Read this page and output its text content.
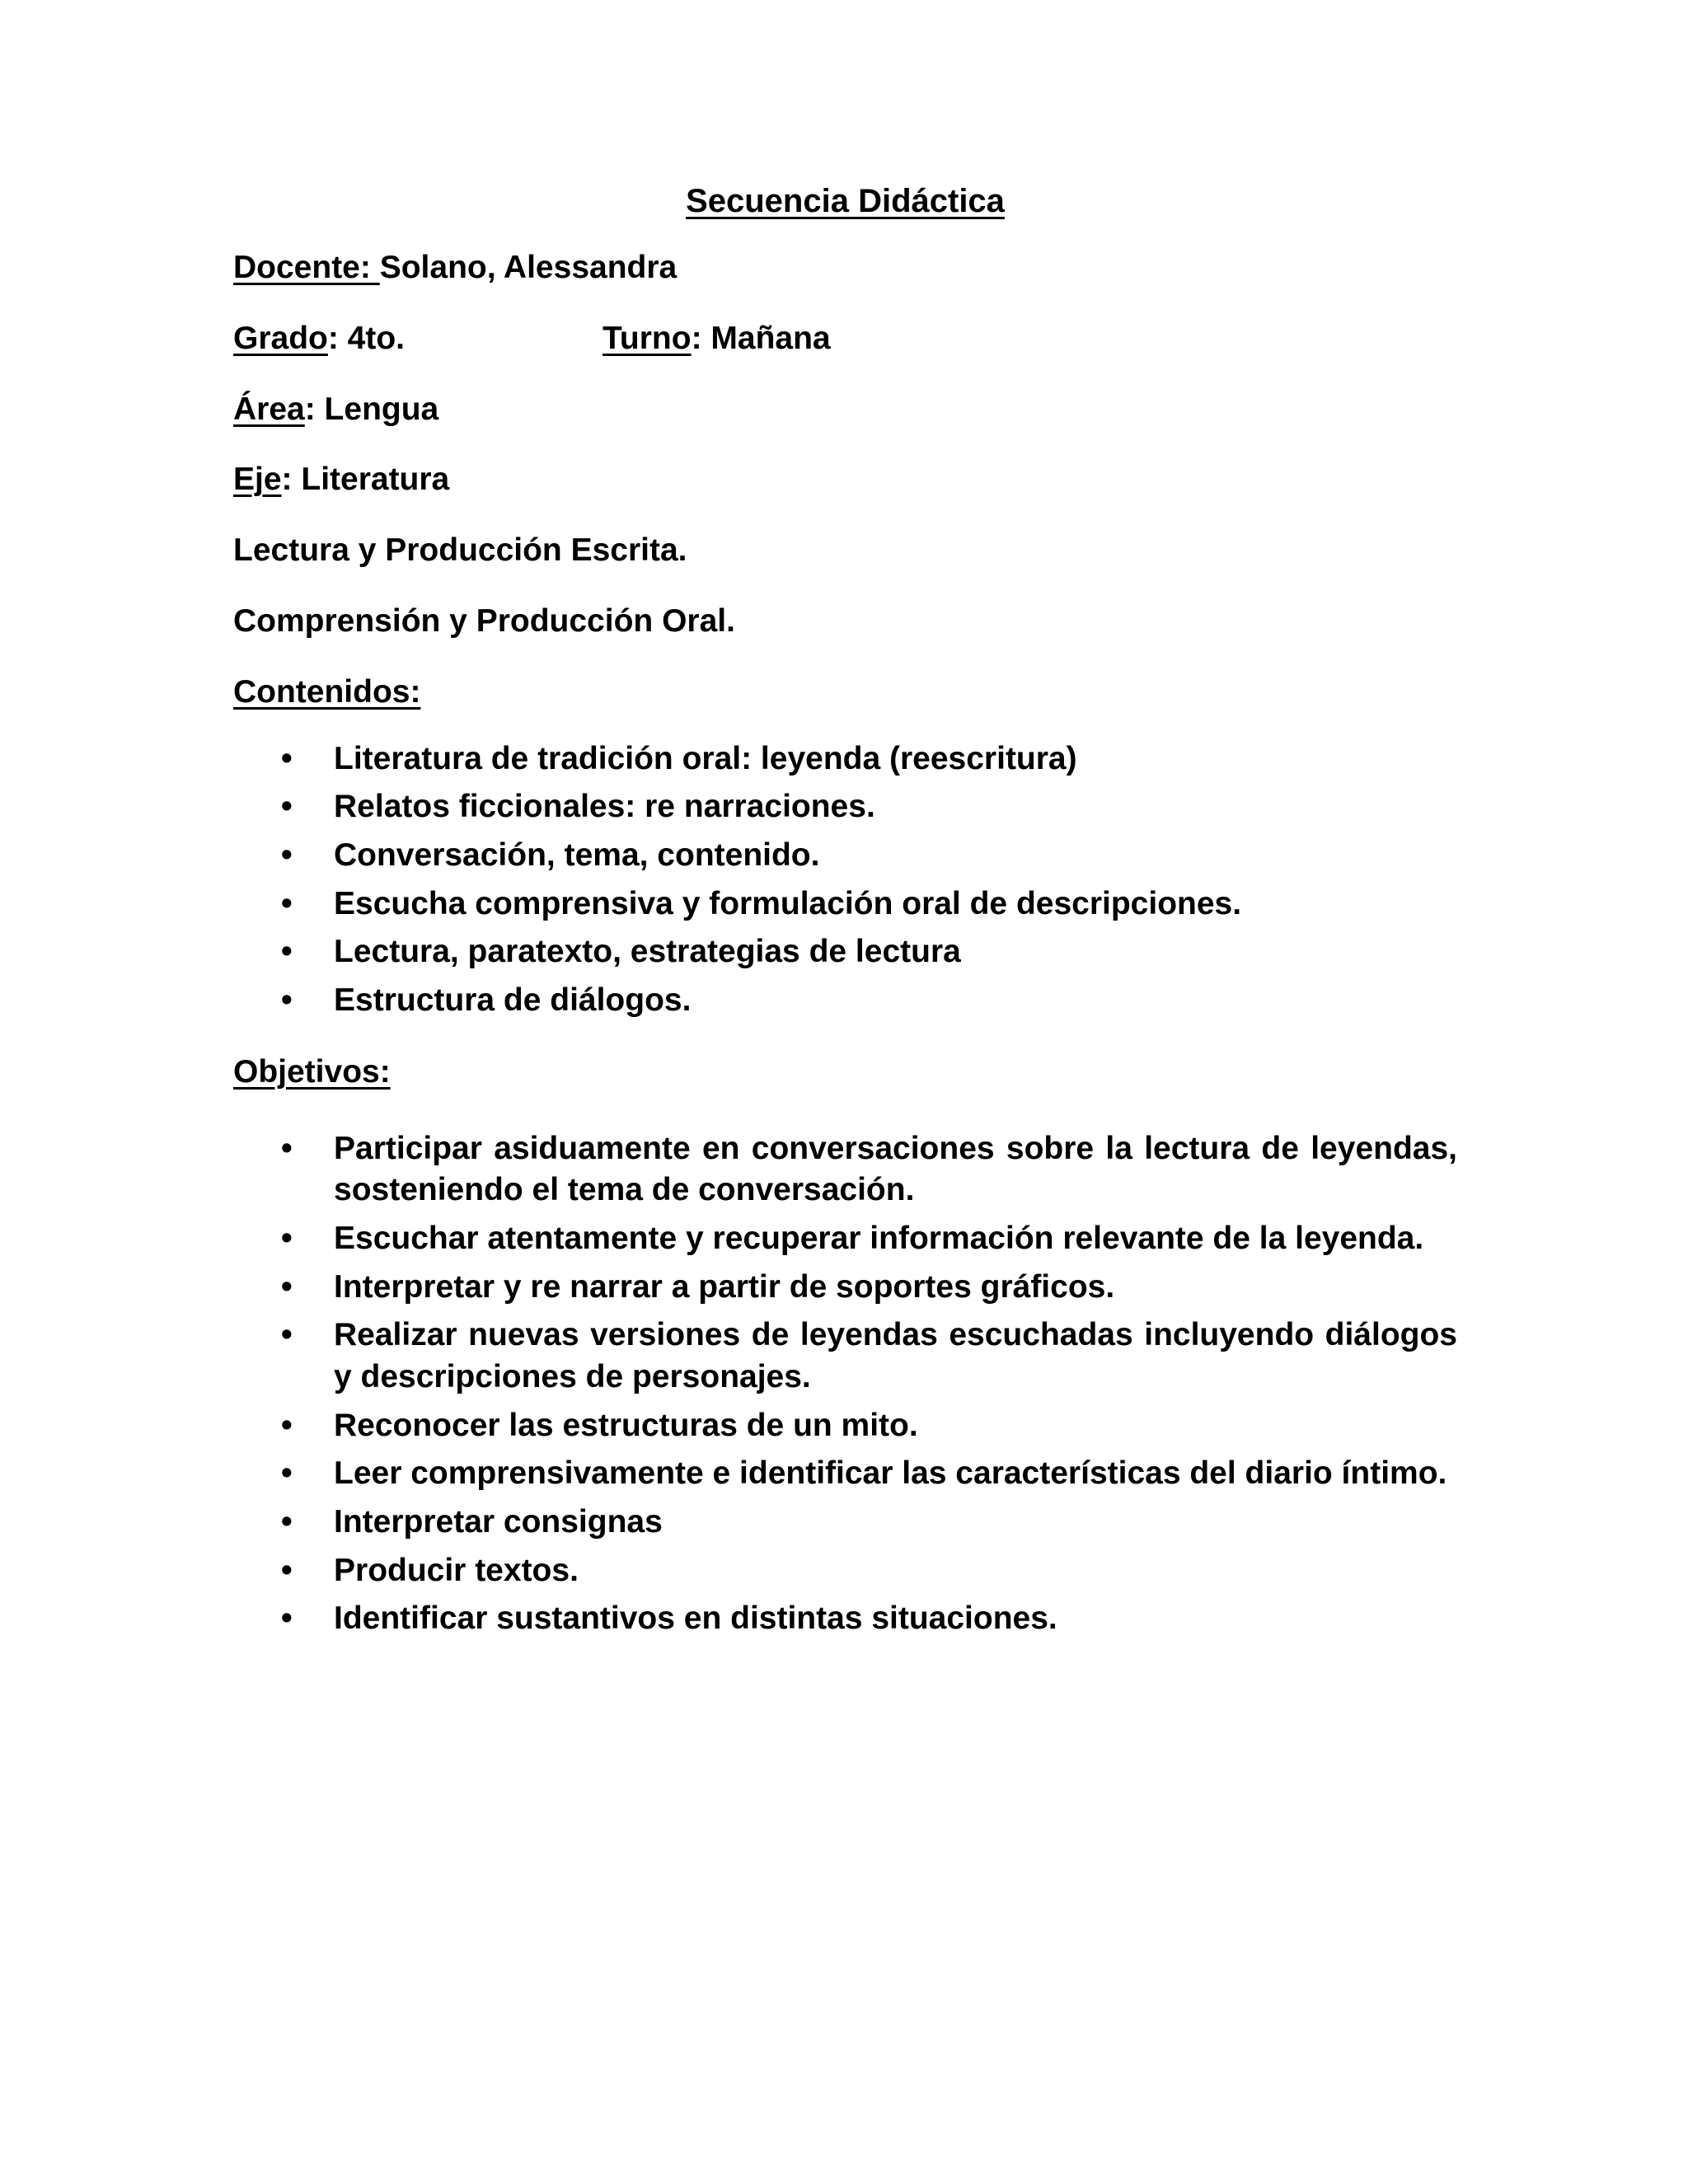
Secuencia Didáctica
Docente: Solano, Alessandra
Grado: 4to.	Turno: Mañana
Área: Lengua
Eje: Literatura
Lectura y Producción Escrita.
Comprensión y Producción Oral.
Contenidos:
• Literatura de tradición oral: leyenda (reescritura)
• Relatos ficcionales: re narraciones.
• Conversación, tema, contenido.
• Escucha comprensiva y formulación oral de descripciones.
• Lectura, paratexto, estrategias de lectura
• Estructura de diálogos.
Objetivos:
• Participar asiduamente en conversaciones sobre la lectura de leyendas, sosteniendo el tema de conversación.
• Escuchar atentamente y recuperar información relevante de la leyenda.
• Interpretar y re narrar a partir de soportes gráficos.
• Realizar nuevas versiones de leyendas escuchadas incluyendo diálogos y descripciones de personajes.
• Reconocer las estructuras de un mito.
• Leer comprensivamente e identificar las características del diario íntimo.
• Interpretar consignas
• Producir textos.
• Identificar sustantivos en distintas situaciones.
